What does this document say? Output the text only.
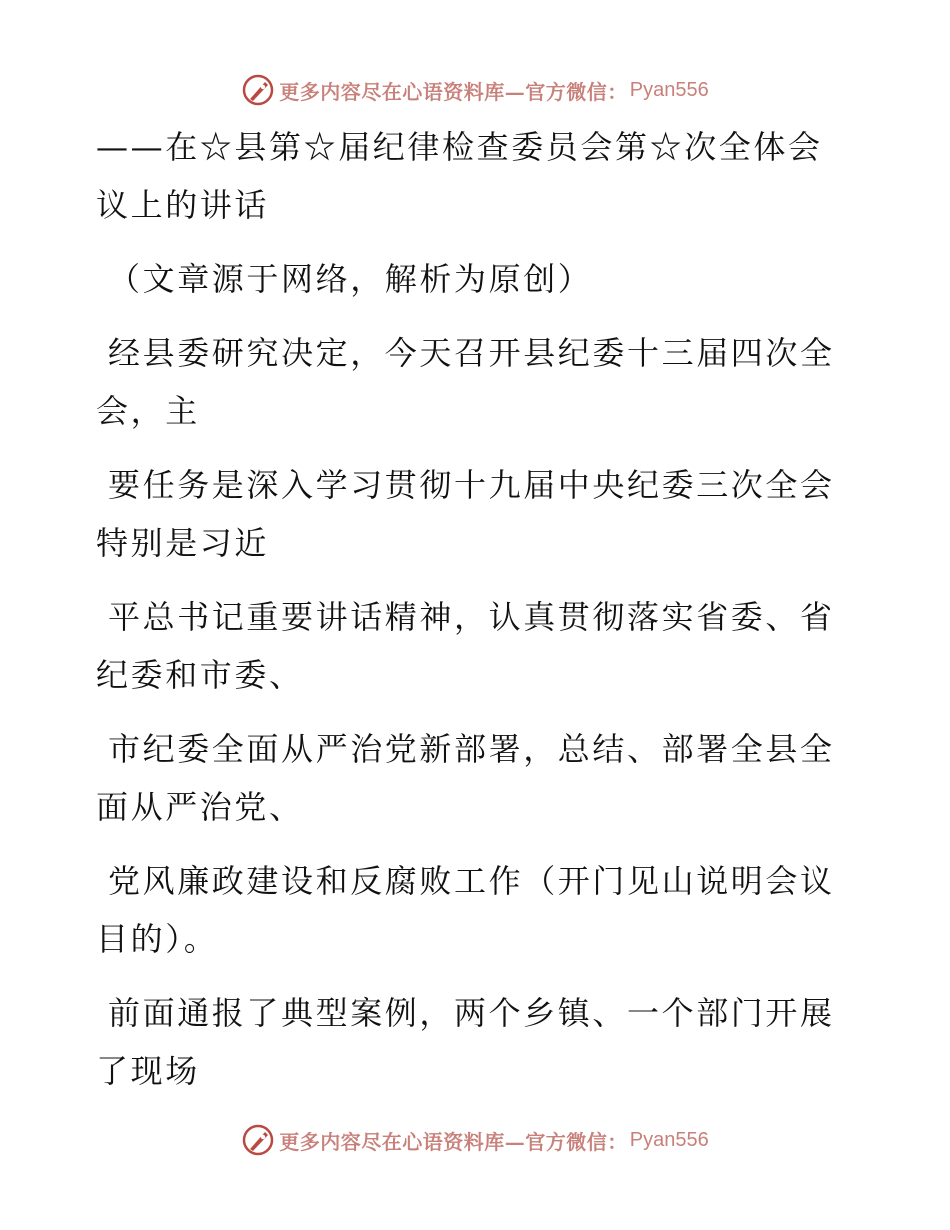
更多内容尽在心语资料库—官方微信： Pyan556

——在☆县第☆届纪律检查委员会第☆次全体会
议上的讲话

（文章源于网络，解析为原创）

经县委研究决定，今天召开县纪委十三届四次全
会，主

要任务是深入学习贯彻十九届中央纪委三次全会
特别是习近

平总书记重要讲话精神，认真贯彻落实省委、省
纪委和市委、

市纪委全面从严治党新部署，总结、部署全县全
面从严治党、

党风廉政建设和反腐败工作（开门见山说明会议
目的）。

前面通报了典型案例，两个乡镇、一个部门开展
了现场

更多内容尽在心语资料库—官方微信： Pyan556
